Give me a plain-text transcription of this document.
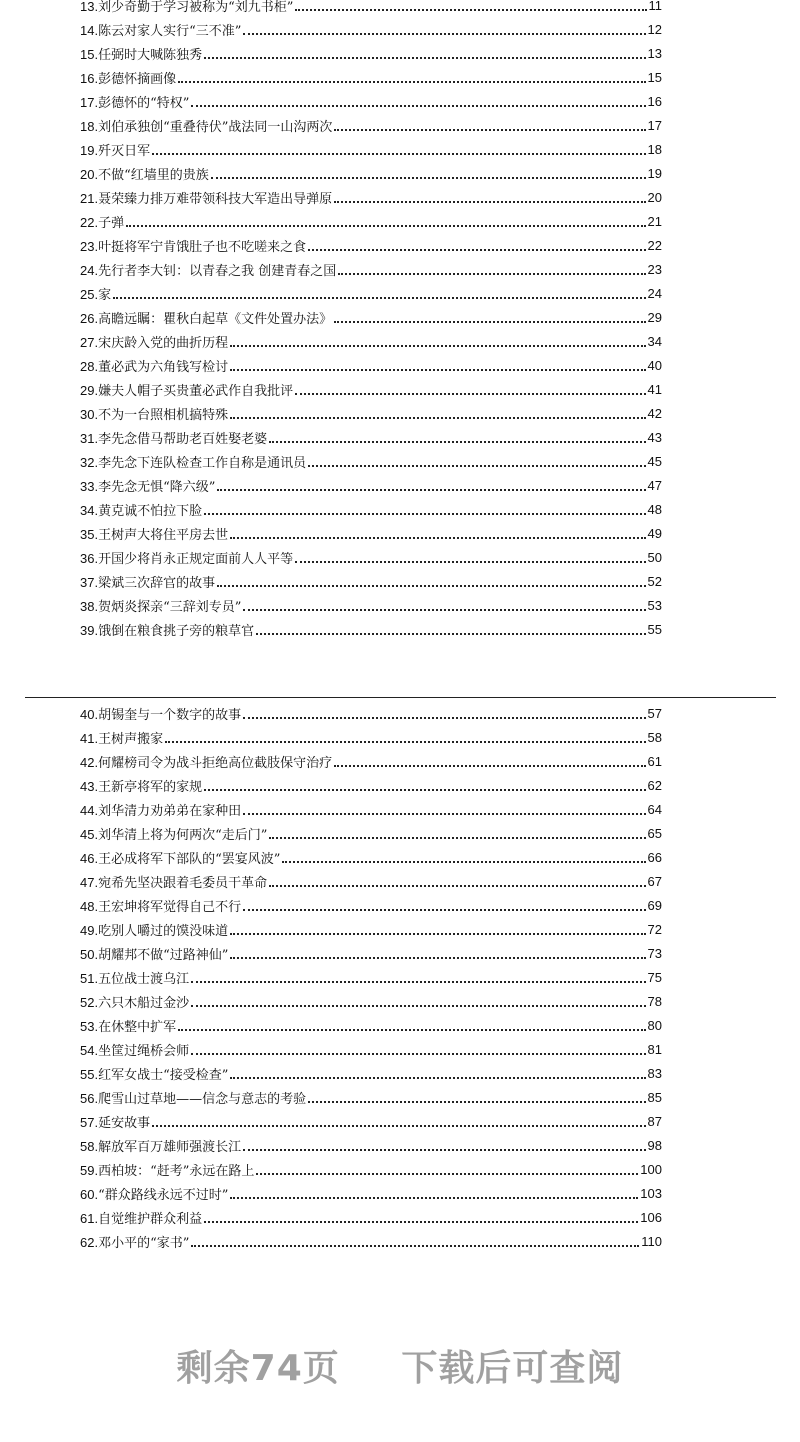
13.刘少奇勤于学习被称为“刘九书柜”	11
14.陈云对家人实行“三不准”	12
15.任弼时大喊陈独秀	13
16.彭德怀摘画像	15
17.彭德怀的“特权”	16
18.刘伯承独创“重叠待伏”战法同一山沟两次	17
19.歼灭日军	18
20.不做“红墙里的贵族	19
21.聂荣臻力排万难带领科技大军造出导弹原	20
22.子弹	21
23.叶挺将军宁肯饿肚子也不吃嗟来之食	22
24.先行者李大钊：以青春之我 创建青春之国	23
25.家	24
26.高瞻远瞩：瞿秋白起草《文件处置办法》	29
27.宋庆龄入党的曲折历程	34
28.董必武为六角钱写检讨	40
29.嫌夫人帽子买贵董必武作自我批评	41
30.不为一台照相机搞特殊	42
31.李先念借马帮助老百姓娶老婆	43
32.李先念下连队检查工作自称是通讯员	45
33.李先念无惧“降六级”	47
34.黄克诚不怕拉下脸	48
35.王树声大将住平房去世	49
36.开国少将肖永正规定面前人人平等	50
37.梁斌三次辞官的故事	52
38.贺炳炎探亲“三辞刘专员”	53
39.饿倒在粮食挑子旁的粮草官	55
40.胡锡奎与一个数字的故事	57
41.王树声搬家	58
42.何耀榜司令为战斗拒绝高位截肢保守治疗	61
43.王新亭将军的家规	62
44.刘华清力劝弟弟在家种田	64
45.刘华清上将为何两次“走后门”	65
46.王必成将军下部队的“罢宴风波”	66
47.宛希先坚决跟着毛委员干革命	67
48.王宏坤将军觉得自己不行	69
49.吃别人嚼过的馍没味道	72
50.胡耀邦不做“过路神仙”	73
51.五位战士渡乌江	75
52.六只木船过金沙	78
53.在休整中扩军	80
54.坐筐过绳桥会师	81
55.红军女战士“接受检查”	83
56.爬雪山过草地——信念与意志的考验	85
57.延安故事	87
58.解放军百万雄师强渡长江	98
59.西柏坡：“赶考”永远在路上	100
60.“群众路线永远不过时”	103
61.自觉维护群众利益	106
62.邓小平的“家书”	110
剩余74页 下载后可查阅
